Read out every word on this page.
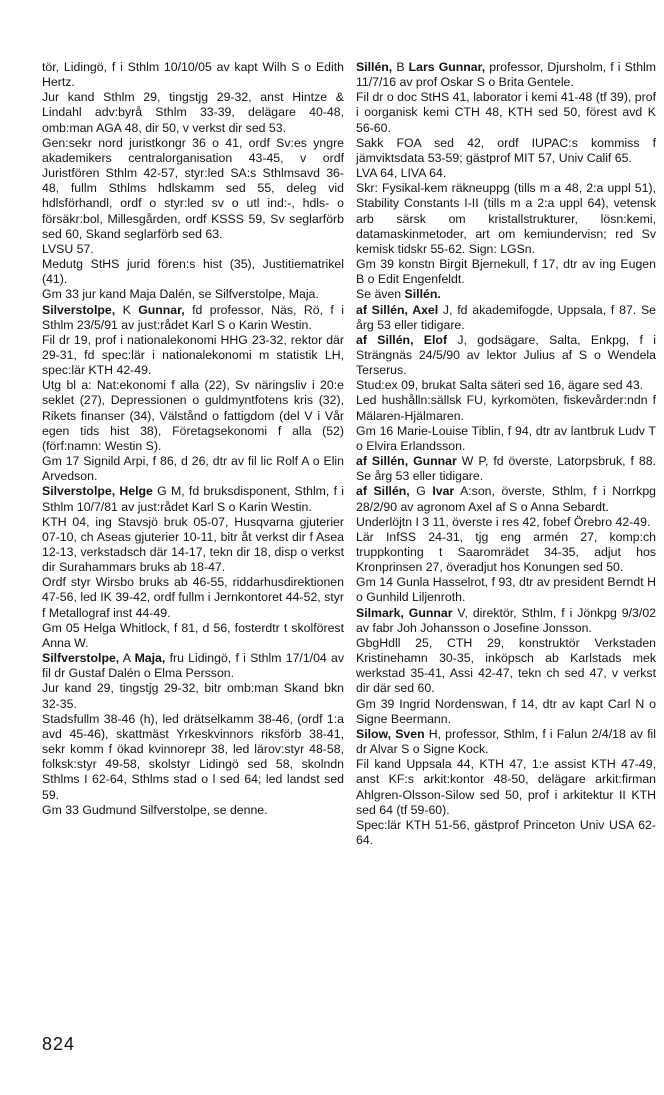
tör, Lidingö, f i Sthlm 10/10/05 av kapt Wilh S o Edith Hertz.

Jur kand Sthlm 29, tingstjg 29-32, anst Hintze & Lindahl adv:byrå Sthlm 33-39, delägare 40-48, omb:man AGA 48, dir 50, v verkst dir sed 53.

Gen:sekr nord juristkongr 36 o 41, ordf Sv:es yngre akademikers centralorganisation 43-45, v ordf Juristfören Sthlm 42-57, styr:led SA:s Sthlmsavd 36-48, fullm Sthlms hdlskamm sed 55, deleg vid hdlsförhandl, ordf o styr:led sv o utl ind:-, hdls- o försäkr:bol, Millesgården, ordf KSSS 59, Sv seglarförb sed 60, Skand seglarförb sed 63.

LVSU 57.

Medutg StHS jurid fören:s hist (35), Justitiematrikel (41).

Gm 33 jur kand Maja Dalén, se Silfverstolpe, Maja.

Silverstolpe, K Gunnar, fd professor, Näs, Rö, f i Sthlm 23/5/91 av just:rådet Karl S o Karin Westin.

Fil dr 19, prof i nationalekonomi HHG 23-32, rektor där 29-31, fd spec:lär i nationalekonomi m statistik LH, spec:lär KTH 42-49.

Utg bl a: Nat:ekonomi f alla (22), Sv näringsliv i 20:e seklet (27), Depressionen o guldmyntfotens kris (32), Rikets finanser (34), Välstånd o fattigdom (del V i Vår egen tids hist 38), Företagsekonomi f alla (52) (förf:namn: Westin S).

Gm 17 Signild Arpi, f 86, d 26, dtr av fil lic Rolf A o Elin Arvedson.

Silverstolpe, Helge G M, fd bruksdisponent, Sthlm, f i Sthlm 10/7/81 av just:rådet Karl S o Karin Westin.

KTH 04, ing Stavsjö bruk 05-07, Husqvarna gjuterier 07-10, ch Aseas gjuterier 10-11, bitr åt verkst dir f Asea 12-13, verkstadsch där 14-17, tekn dir 18, disp o verkst dir Surahammars bruks ab 18-47.

Ordf styr Wirsbo bruks ab 46-55, riddarhusdirektionen 47-56, led IK 39-42, ordf fullm i Jernkontoret 44-52, styr f Metallograf inst 44-49.

Gm 05 Helga Whitlock, f 81, d 56, fosterdtr t skolförest Anna W.

Silfverstolpe, A Maja, fru Lidingö, f i Sthlm 17/1/04 av fil dr Gustaf Dalén o Elma Persson.

Jur kand 29, tingstjg 29-32, bitr omb:man Skand bkn 32-35.

Stadsfullm 38-46 (h), led drätselkamm 38-46, (ordf 1:a avd 45-46), skattmäst Yrkeskvinnors riksförb 38-41, sekr komm f ökad kvinnorepr 38, led lärov:styr 48-58, folksk:styr 49-58, skolstyr Lidingö sed 58, skolndn Sthlms I 62-64, Sthlms stad o l sed 64; led landst sed 59.

Gm 33 Gudmund Silfverstolpe, se denne.

Sillén, B Lars Gunnar, professor, Djursholm, f i Sthlm 11/7/16 av prof Oskar S o Brita Gentele.

Fil dr o doc StHS 41, laborator i kemi 41-48 (tf 39), prof i oorganisk kemi CTH 48, KTH sed 50, förest avd K 56-60.

Sakk FOA sed 42, ordf IUPAC:s kommiss f jämviktsdata 53-59; gästprof MIT 57, Univ Calif 65.

LVA 64, LIVA 64.

Skr: Fysikal-kem räkneuppg (tills m a 48, 2:a uppl 51), Stability Constants I-II (tills m a 2:a uppl 64), vetensk arb särsk om kristallstrukturer, lösn:kemi, datamaskinmetoder, art om kemiundervisn; red Sv kemisk tidskr 55-62. Sign: LGSn.

Gm 39 konstn Birgit Bjernekull, f 17, dtr av ing Eugen B o Edit Engenfeldt.

Se även Sillén.

af Sillén, Axel J, fd akademifogde, Uppsala, f 87. Se årg 53 eller tidigare.

af Sillén, Elof J, godsägare, Salta, Enkpg, f i Strängnäs 24/5/90 av lektor Julius af S o Wendela Terserus.

Stud:ex 09, brukat Salta säteri sed 16, ägare sed 43.

Led hushålln:sällsk FU, kyrkomöten, fiskevårder:ndn f Mälaren-Hjälmaren.

Gm 16 Marie-Louise Tiblin, f 94, dtr av lantbruk Ludv T o Elvira Erlandsson.

af Sillén, Gunnar W P, fd överste, Latorpsbruk, f 88. Se årg 53 eller tidigare.

af Sillén, G Ivar A:son, överste, Sthlm, f i Norrkpg 28/2/90 av agronom Axel af S o Anna Sebardt.

Underlöjtn I 3 11, överste i res 42, fobef Örebro 42-49.

Lär InfSS 24-31, tjg eng armén 27, komp:ch truppkonting t Saaromrädet 34-35, adjut hos Kronprinsen 27, överadjut hos Konungen sed 50.

Gm 14 Gunla Hasselrot, f 93, dtr av president Berndt H o Gunhild Liljenroth.

Silmark, Gunnar V, direktör, Sthlm, f i Jönkpg 9/3/02 av fabr Joh Johansson o Josefine Jonsson.

GbgHdll 25, CTH 29, konstruktör Verkstaden Kristinehamn 30-35, inköpsch ab Karlstads mek werkstad 35-41, Assi 42-47, tekn ch sed 47, v verkst dir där sed 60.

Gm 39 Ingrid Nordenswan, f 14, dtr av kapt Carl N o Signe Beermann.

Silow, Sven H, professor, Sthlm, f i Falun 2/4/18 av fil dr Alvar S o Signe Kock.

Fil kand Uppsala 44, KTH 47, 1:e assist KTH 47-49, anst KF:s arkit:kontor 48-50, delägare arkit:firman Ahlgren-Olsson-Silow sed 50, prof i arkitektur II KTH sed 64 (tf 59-60).

Spec:lär KTH 51-56, gästprof Princeton Univ USA 62-64.

824
